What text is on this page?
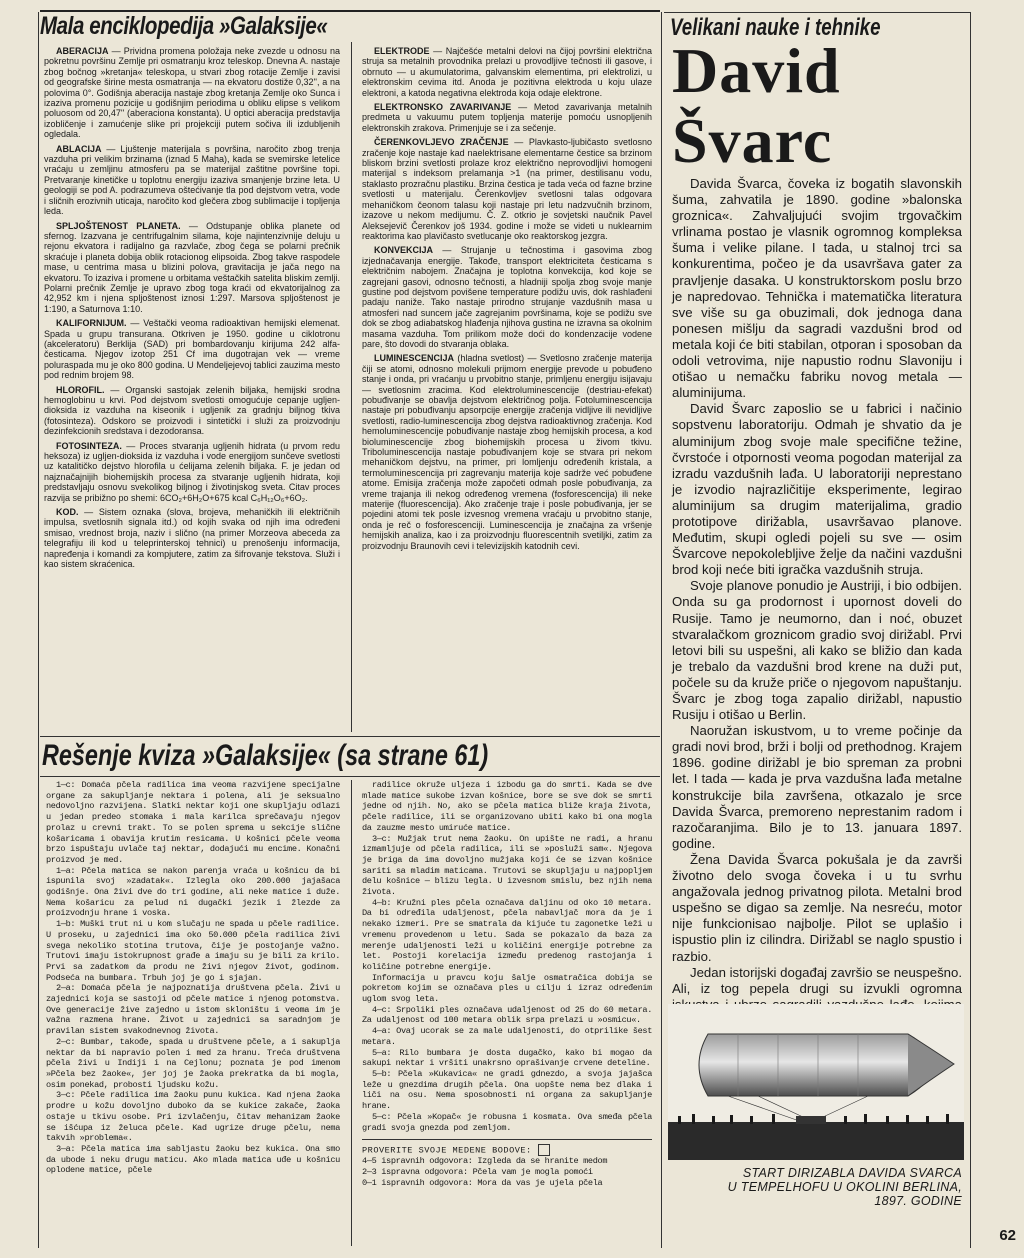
Mala enciklopedija »Galaksije«

ABERACIJA — Prividna promena položaja neke zvezde u odnosu na pokretnu površinu Zemlje pri osmatranju kroz teleskop. Dnevna A. nastaje zbog bočnog »kretanja« teleskopa, u stvari zbog rotacije Zemlje i zavisi od geografske širine mesta osmatranja — na ekvatoru dostiže 0,32'', a na polovima 0°. Godišnja aberacija nastaje zbog kretanja Zemlje oko Sunca i izaziva promenu pozicije u godišnjim periodima u obliku elipse s velikom poluosom od 20,47'' (aberaciona konstanta). U optici aberacija predstavlja izobličenje i zamućenje slike pri projekciji putem sočiva ili izdubljenih ogledala.

ABLACIJA — Ljuštenje materijala s površina, naročito zbog trenja vazduha pri velikim brzinama (iznad 5 Maha), kada se svemirske letelice vraćaju u zemljinu atmosferu pa se materijal zaštitne površine topi. Pretvaranje kinetičke u toplotnu energiju izaziva smanjenje brzine leta. U geologiji se pod A. podrazumeva oštećivanje tla pod dejstvom vetra, vode i sličnih erozivnih uticaja, naročito kod glečera zbog sublimacije i topljenja leda.

SPLJOŠTENOST PLANETA. — Odstupanje oblika planete od sfernog. Izazvana je centrifugalnim silama, koje najintenzivnije deluju u rejonu ekvatora i radijalno ga razvlače, zbog čega se polarni prečnik skraćuje i planeta dobija oblik rotacionog elipsoida. Zbog takve raspodele mase, u centrima masa u blizini polova, gravitacija je jača nego na ekvatoru. To izaziva i promene u orbitama veštačkih satelita bliskim zemlji. Polarni prečnik Zemlje je upravo zbog toga kraći od ekvatorijalnog za 42,952 km i njena spljoštenost iznosi 1:297. Marsova spljoštenost je 1:190, a Saturnova 1:10.

KALIFORNIJUM. — Veštački veoma radioaktivan hemijski elemenat. Spada u grupu transurana. Otkriven je 1950. godine u ciklotronu (akceleratoru) Berklija (SAD) pri bombardovanju kirijuma 242 alfa-česticama. Njegov izotop 251 Cf ima dugotrajan vek — vreme poluraspada mu je oko 800 godina. U Mendeljejevoj tablici zauzima mesto pod rednim brojem 98.

HLOROFIL. — Organski sastojak zelenih biljaka, hemijski srodna hemoglobinu u krvi. Pod dejstvom svetlosti omogućuje cepanje ugljen-dioksida iz vazduha na kiseonik i ugljenik za gradnju biljnog tkiva (fotosinteza). Odskoro se proizvodi i sintetički i služi za proizvodnju dezinfekcionih sredstava i dezodoransa.

FOTOSINTEZA. — Proces stvaranja ugljenih hidrata (u prvom redu heksoza) iz ugljen-dioksida iz vazduha i vode energijom sunčeve svetlosti uz katalitičko dejstvo hlorofila u ćelijama zelenih biljaka. F. je jedan od najznačajnijih biohemijskih procesa za stvaranje ugljenih hidrata, koji predstavljaju osnovu svekolikog biljnog i životinjskog sveta. Citav proces razvija se pribižno po shemi: 6CO₂+6H₂O+675 kcal C₆H₁₂O₆+6O₂.

KOD. — Sistem oznaka (slova, brojeva, mehaničkih ili električnih impulsa, svetlosnih signala itd.) od kojih svaka od njih ima određeni smisao, vrednost broja, naziv i slično (na primer Morzeova abeceda za telegrafiju ili kod u teleprinterskoj tehnici) u prenošenju informacija, napređenja i komandi za kompjutere, zatim za šifrovanje tekstova. Služi i kao sistem skraćenica.

ELEKTRODE — Najčešće metalni delovi na čijoj površini električna struja sa metalnih provodnika prelazi u provodljive tečnosti ili gasove, i obrnuto — u akumulatorima, galvanskim elementima, pri elektrolizi, u elektronskim cevima itd. Anoda je pozitivna elektroda u koju ulaze elektroni, a katoda negativna elektroda koja odaje elektrone.

ELEKTRONSKO ZAVARIVANJE — Metod zavarivanja metalnih predmeta u vakuumu putem topljenja materije pomoću usnopljenih elektronskih zrakova. Primenjuje se i za sečenje.

ČERENKOVLJEVO ZRAČENJE — Plavkasto-ljubičasto svetlosno zračenje koje nastaje kad naelektrisane elementarne čestice sa brzinom bliskom brzini svetlosti prolaze kroz električno neprovodljivi homogeni materijal s indeksom prelamanja >1 (na primer, destilisanu vodu, staklasto prozračnu plastiku. Brzina čestica je tada veća od fazne brzine svetlosti u materijalu. Čerenkovljev svetlosni talas odgovara mehaničkom čeonom talasu koji nastaje pri letu nadzvučnih brzinom, izazove u nekom medijumu. Č. Z. otkrio je sovjetski naučnik Pavel Aleksejevič Čerenkov još 1934. godine i može se videti u nuklearnim reaktorima kao plavičasto svetlucanje oko reaktorskog jezgra.

KONVEKCIJA — Strujanje u tečnostima i gasovima zbog izjednačavanja energije. Takođe, transport elektricitetа česticama s električnim nabojem. Značajna je toplotna konvekcija, kod koje se zagrejani gasovi, odnosno tečnosti, a hladniji spolja zbog svoje manje gustine pod dejstvom povišene temperature podižu uvis, dok rashlađeni padaju naniže. Tako nastaje prirodno strujanje vazdušnih masa u atmosferi nad suncem jače zagrejanim površinama, koje se podižu sve dok se zbog adiabatskog hlađenja njihova gustina ne izravna sa okolnim masama vazduha. Tom prilikom može doći do kondenzacije vodene pare, što dovodi do stvaranja oblaka.

LUMINESCENCIJA (hladna svetlost) — Svetlosno zračenje materija čiji se atomi, odnosno molekuli prijmom energije prevode u pobuđeno stanje i onda, pri vraćanju u prvobitno stanje, primljenu energiju isijavaju — svetlosnim zracima. Kod elektroluminescencije (destriau-efekat) pobuđivanje se obavlja dejstvom električnog polja. Fotoluminescencija nastaje pri pobuđivanju apsorpcije energije zračenja vidljive ili nevidljive svetlosti, radio-luminescencija zbog dejstva radioaktivnog zračenja. Kod hemoluminescencije pobuđivanje nastaje zbog hemijskih procesa, a kod bioluminescencije zbog biohemijskih procesa u živom tkivu. Triboluminescencija nastaje pobuđivanjem koje se stvara pri nekom mehaničkom dejstvu, na primer, pri lomljenju određenih kristala, a termoluminescencija pri zagrevanju materija koje sadrže već pobuđene atome. Emisija zračenja može započeti odmah posle pobuđivanja, za vreme trajanja ili nekog određenog vremena (fosforescencija) ili neke materije (fluorescencija). Ako zračenje traje i posle pobuđivanja, jer se pojedini atomi tek posle izvesnog vremena vraćaju u prvobitno stanje, onda je reč o fosforescenciji. Luminescencija je značajna za vršenje hemijskih analiza, kao i za proizvodnju fluorescentnih svetiljki, zatim za proizvodnju Braunovih cevi i televizijskih katodnih cevi.

Rešenje kviza »Galaksije« (sa strane 61)

1—c: Domaća pčela radilica ima veoma razvijene specijalne organe za sakupljanje nektara i polena, ali je seksualno nedovoljno razvijena. Slatki nektar koji one skupljaju odlazi u jedan predeo stomaka i mala karilca sprečavaju njegov prolaz u crevni trakt. To se polen sprema u sekcije slične košaricama i obavija krutim resicama. U košnici pčele veoma brzo ispuštaju uvlače taj nektar, dodajući mu encime. Konačni proizvod je med.

1—a: Pčela matica se nakon parenja vraća u košnicu da bi ispunila svoj »zadatak«. Izlegla oko 200.000 jajašaca godišnje. Ona živi dve do tri godine, ali neke matice i duže. Nema košaricu za pelud ni dugački jezik i žlezde za proizvodnju hrane i voska.

1—b: Muški trut ni u kom slučaju ne spada u pčele radilice. U proseku, u zajednici ima oko 50.000 pčela radilica živi svega nekoliko stotina trutova, čije je postojanje važno. Trutovi imaju istokrupnost građe a imaju su je bili za krilo. Prvi sa zadatkom da produ ne živi njegov život, godinom. Podseća na bumbara. Trbuh joj je go i sjajan.

2—a: Domaća pčela je najpoznatija društvena pčela. Živi u zajednici koja se sastoji od pčele matice i njenog potomstva. Ove generacije žive zajedno u istom skloništu i veoma im je važna razmena hrane. Život u zajednici sa saradnjom je pravilan sistem svakodnevnog života.

2—c: Bumbar, takođe, spada u društvene pčele, a i sakuplja nektar da bi napravio polen i med za hranu. Treća društvena pčela živi u Indiji i na Cejlonu; poznata je pod imenom »Pčela bez žaoke«, jer joj je žaoka prekratka da bi mogla, osim ponekad, probosti ljudsku kožu.

3—c: Pčele radilica ima žaoku punu kukica. Kad njena žaoka prodre u kožu dovoljno duboko da se kukice zakače, žaoka ostaje u tkivu osobe. Pri izvlačenju, čitav mehanizam žaoke se išćupa iz želuca pčele. Kad ugrize druge pčelu, nema takvih »problema«.

3—a: Pčela matica ima sabljastu žaoku bez kukica. Ona smo da ubode i neku drugu maticu. Ako mlada matica uđe u košnicu oplodene matice, pčele

radilice okruže uljeza i izbodu ga do smrti. Kada se dve mlade matice sukobe izvan košnice, bore se sve dok se smrti jedne od njih. No, ako se pčela matica bliže kraja života, pčele radilice, ili se organizovano ubiti kako bi ona mogla da zauzme mesto umiruće matice.

3—c: Mužjak trut nema žaoku. On upište ne radi, a hranu izmamljuje od pčela radilica, ili se »posluži sam«. Njegova je briga da ima dovoljno mužjaka koji će se izvan košnice sariti sa mladim maticama. Trutovi se skupljaju u najpopljem delu košnice — blizu legla. U izvesnom smislu, bez njih nema života.

4—b: Kružni ples pčela označava daljinu od oko 10 metara. Da bi određila udaljenost, pčela nabavljač mora da je i nekako izmeri. Pre se smatrala da kijuće tu zagonetke leži u vremenu provedenom u letu. Sada se pokazalo da baza za merenje udaljenosti leži u količini energije potrebne za let. Postoji korelacija između predenog rastojanja i količine potrebne energije.

Informacija u pravcu koju šalje osmatračica dobija se pokretom kojim se označava ples u cilju i izraz određenim uglom svog leta.

4—c: Srpoliki ples označava udaljenost od 25 do 60 metara. Za udaljenost od 100 metara oblik srpa prelazi u »osmicu«.

4—a: Ovaj ucorak se za male udaljenosti, do otprilike šest metara.

5—a: Rilo bumbara je dosta dugačko, kako bi mogao da sakupi nektar i vršiti unakrsno oprašivanje crvene deteline.

5—b: Pčela »Kukavica« ne gradi gdnezdo, a svoja jajašca leže u gnezdima drugih pčela. Ona uopšte nema bez dlaka i liči na osu. Nema sposobnosti ni organa za sakupljanje hrane.

5—c: Pčela »Kopač« je robusna i kosmata. Ova smeđa pčela gradi svoja gnezda pod zemljom.

PROVERITE SVOJE MEDENE BODOVE:
4—5 ispravnih odgovora: Izgleda da se hranite medom
2—3 ispravna odgovora: Pčela vam je mogla pomoći
0—1 ispravnih odgovora: Mora da vas je ujela pčela
Velikani nauke i tehnike
David
Švarc

Davida Švarca, čoveka iz bogatih slavonskih šuma, zahvatila je 1890. godine »balonska groznica«. Zahvaljujući svojim trgovačkim vrlinama postao je vlasnik ogromnog kompleksa šuma i velike pilane. I tada, u stalnoj trci sa konkurentima, počeo je da usavršava gater za pravljenje dasaka. U konstruktorskom poslu brzo je napredovao. Tehnička i matematička literatura sve više su ga obuzimali, dok jednoga dana ponesen mišlju da sagradi vazdušni brod od metala koji će biti stabilan, otporan i sposoban da odoli vetrovima, nije napustio rodnu Slavoniju i otišao u nemačku fabriku novog metala — aluminijuma.

David Švarc zaposlio se u fabrici i načinio sopstvenu laboratoriju. Odmah je shvatio da je aluminijum zbog svoje male specifične težine, čvrstoće i otpornosti veoma pogodan materijal za izradu vazdušnih lađa. U laboratoriji neprestano je izvodio najrazličitije eksperimente, legirao aluminijum sa drugim materijalima, gradio prototipove dirižabla, usavršavao planove. Međutim, skupi ogledi pojeli su sve — osim Švarcove nepokolebljive želje da načini vazdušni brod koji neće biti igračka vazdušnih struja.

Svoje planove ponudio je Austriji, i bio odbijen. Onda su ga prodornost i upornost doveli do Rusije. Tamo je neumorno, dan i noć, obuzet stvaralačkom groznicom gradio svoj dirižabl. Prvi letovi bili su uspešni, ali kako se bližio dan kada je trebalo da vazdušni brod krene na duži put, počele su da kruže priče o njegovom napuštanju. Švarc je zbog toga zapalio dirižabl, napustio Rusiju i otišao u Berlin.

Naoružan iskustvom, u to vreme počinje da gradi novi brod, brži i bolji od prethodnog. Krajem 1896. godine dirižabl je bio spreman za probni let. I tada — kada je prva vazdušna lađa metalne konstrukcije bila završena, otkazalo je srce Davida Švarca, premoreno neprestanim radom i razočaranjima. Bilo je to 13. januara 1897. godine.

Žena Davida Švarca pokušala je da završi životno delo svoga čoveka i u tu svrhu angažovala jednog privatnog pilota. Metalni brod uspešno se digao sa zemlje. Na nesreću, motor nije funkcionisao najbolje. Pilot se uplašio i ispustio plin iz cilindra. Dirižabl se naglo spustio i razbio.

Jedan istorijski događaj završio se neuspešno. Ali, iz tog pepela drugi su izvukli ogromna

START DIRIZABLA DAVIDA SVARCA
U TEMPELHOFU U OKOLINI BERLINA,
1897. GODINE
62
